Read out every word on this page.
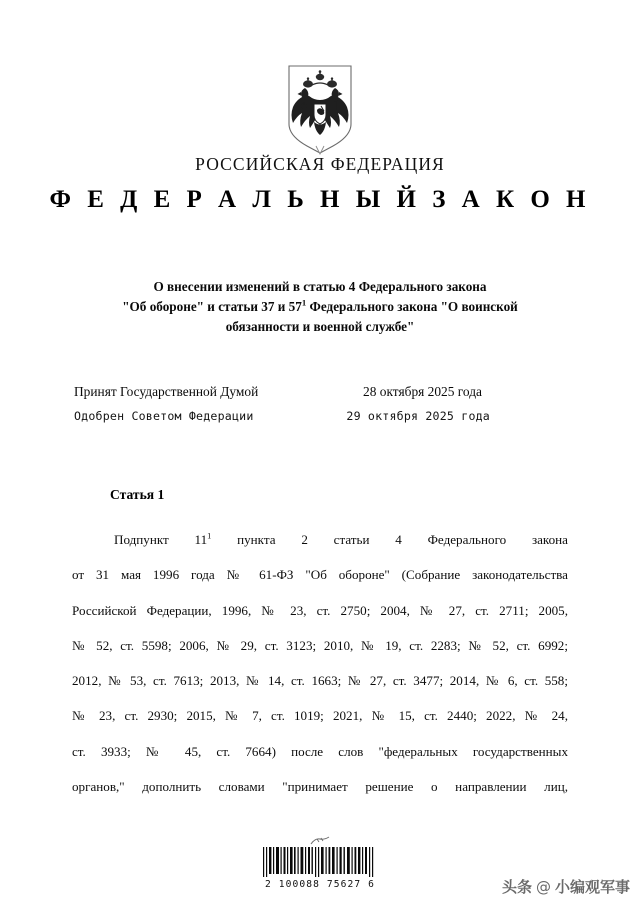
РОССИЙСКАЯ ФЕДЕРАЦИЯ
Ф Е Д Е Р А Л Ь Н Ы Й З А К О Н
О внесении изменений в статью 4 Федерального закона
"Об обороне" и статьи 37 и $57^1$ Федерального закона "О воинской
обязанности и военной службе"
Принят Государственной Думой	28 октября 2025 года
Одобрен Советом Федерации	29 октября 2025 года
Статья 1
Подпункт $11^1$ пункта 2 статьи 4 Федерального закона
от 31 мая 1996 года № 61-ФЗ "Об обороне" (Собрание законодательства
Российской Федерации, 1996, № 23, ст. 2750; 2004, № 27, ст. 2711; 2005,
№ 52, ст. 5598; 2006, № 29, ст. 3123; 2010, № 19, ст. 2283; № 52, ст. 6992;
2012, № 53, ст. 7613; 2013, № 14, ст. 1663; № 27, ст. 3477; 2014, № 6, ст. 558;
№ 23, ст. 2930; 2015, № 7, ст. 1019; 2021, № 15, ст. 2440; 2022, № 24,
ст. 3933; № 45, ст. 7664) после слов "федеральных государственных
органов," дополнить словами "принимает решение о направлении лиц,
2 100088 75627 6	头条 @ 小编观军事
